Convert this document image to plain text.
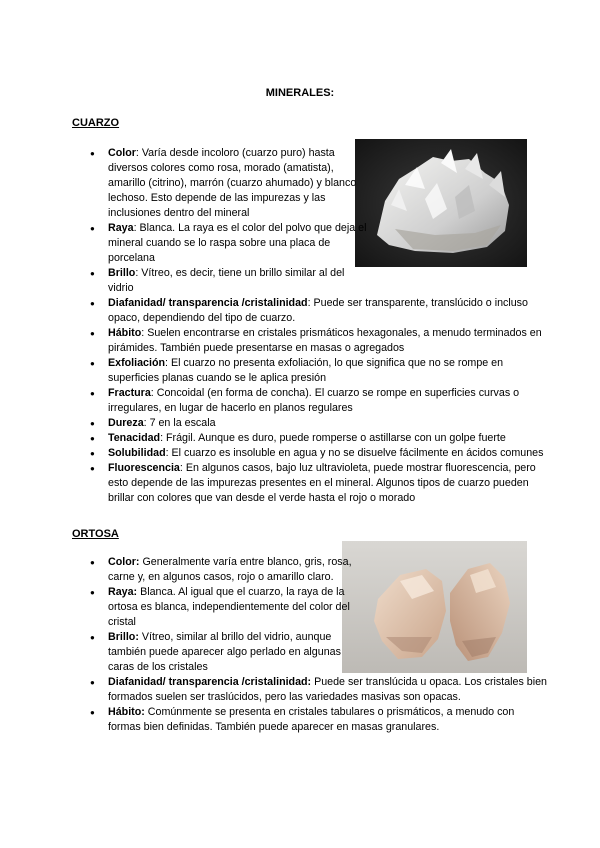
MINERALES:
CUARZO
● Color: Varía desde incoloro (cuarzo puro) hasta diversos colores como rosa, morado (amatista), amarillo (citrino), marrón (cuarzo ahumado) y blanco lechoso. Esto depende de las impurezas y las inclusiones dentro del mineral
● Raya: Blanca. La raya es el color del polvo que deja el mineral cuando se lo raspa sobre una placa de porcelana
● Brillo: Vítreo, es decir, tiene un brillo similar al del vidrio
● Diafanidad/ transparencia /cristalinidad: Puede ser transparente, translúcido o incluso opaco, dependiendo del tipo de cuarzo.
● Hábito: Suelen encontrarse en cristales prismáticos hexagonales, a menudo terminados en pirámides. También puede presentarse en masas o agregados
● Exfoliación: El cuarzo no presenta exfoliación, lo que significa que no se rompe en superficies planas cuando se le aplica presión
● Fractura: Concoidal (en forma de concha). El cuarzo se rompe en superficies curvas o irregulares, en lugar de hacerlo en planos regulares
● Dureza: 7 en la escala
● Tenacidad: Frágil. Aunque es duro, puede romperse o astillarse con un golpe fuerte
● Solubilidad: El cuarzo es insoluble en agua y no se disuelve fácilmente en ácidos comunes
● Fluorescencia: En algunos casos, bajo luz ultravioleta, puede mostrar fluorescencia, pero esto depende de las impurezas presentes en el mineral. Algunos tipos de cuarzo pueden brillar con colores que van desde el verde hasta el rojo o morado
ORTOSA
● Color: Generalmente varía entre blanco, gris, rosa, carne y, en algunos casos, rojo o amarillo claro.
● Raya: Blanca. Al igual que el cuarzo, la raya de la ortosa es blanca, independientemente del color del cristal
● Brillo: Vítreo, similar al brillo del vidrio, aunque también puede aparecer algo perlado en algunas caras de los cristales
● Diafanidad/ transparencia /cristalinidad: Puede ser translúcida u opaca. Los cristales bien formados suelen ser traslúcidos, pero las variedades masivas son opacas.
● Hábito: Comúnmente se presenta en cristales tabulares o prismáticos, a menudo con formas bien definidas. También puede aparecer en masas granulares.
